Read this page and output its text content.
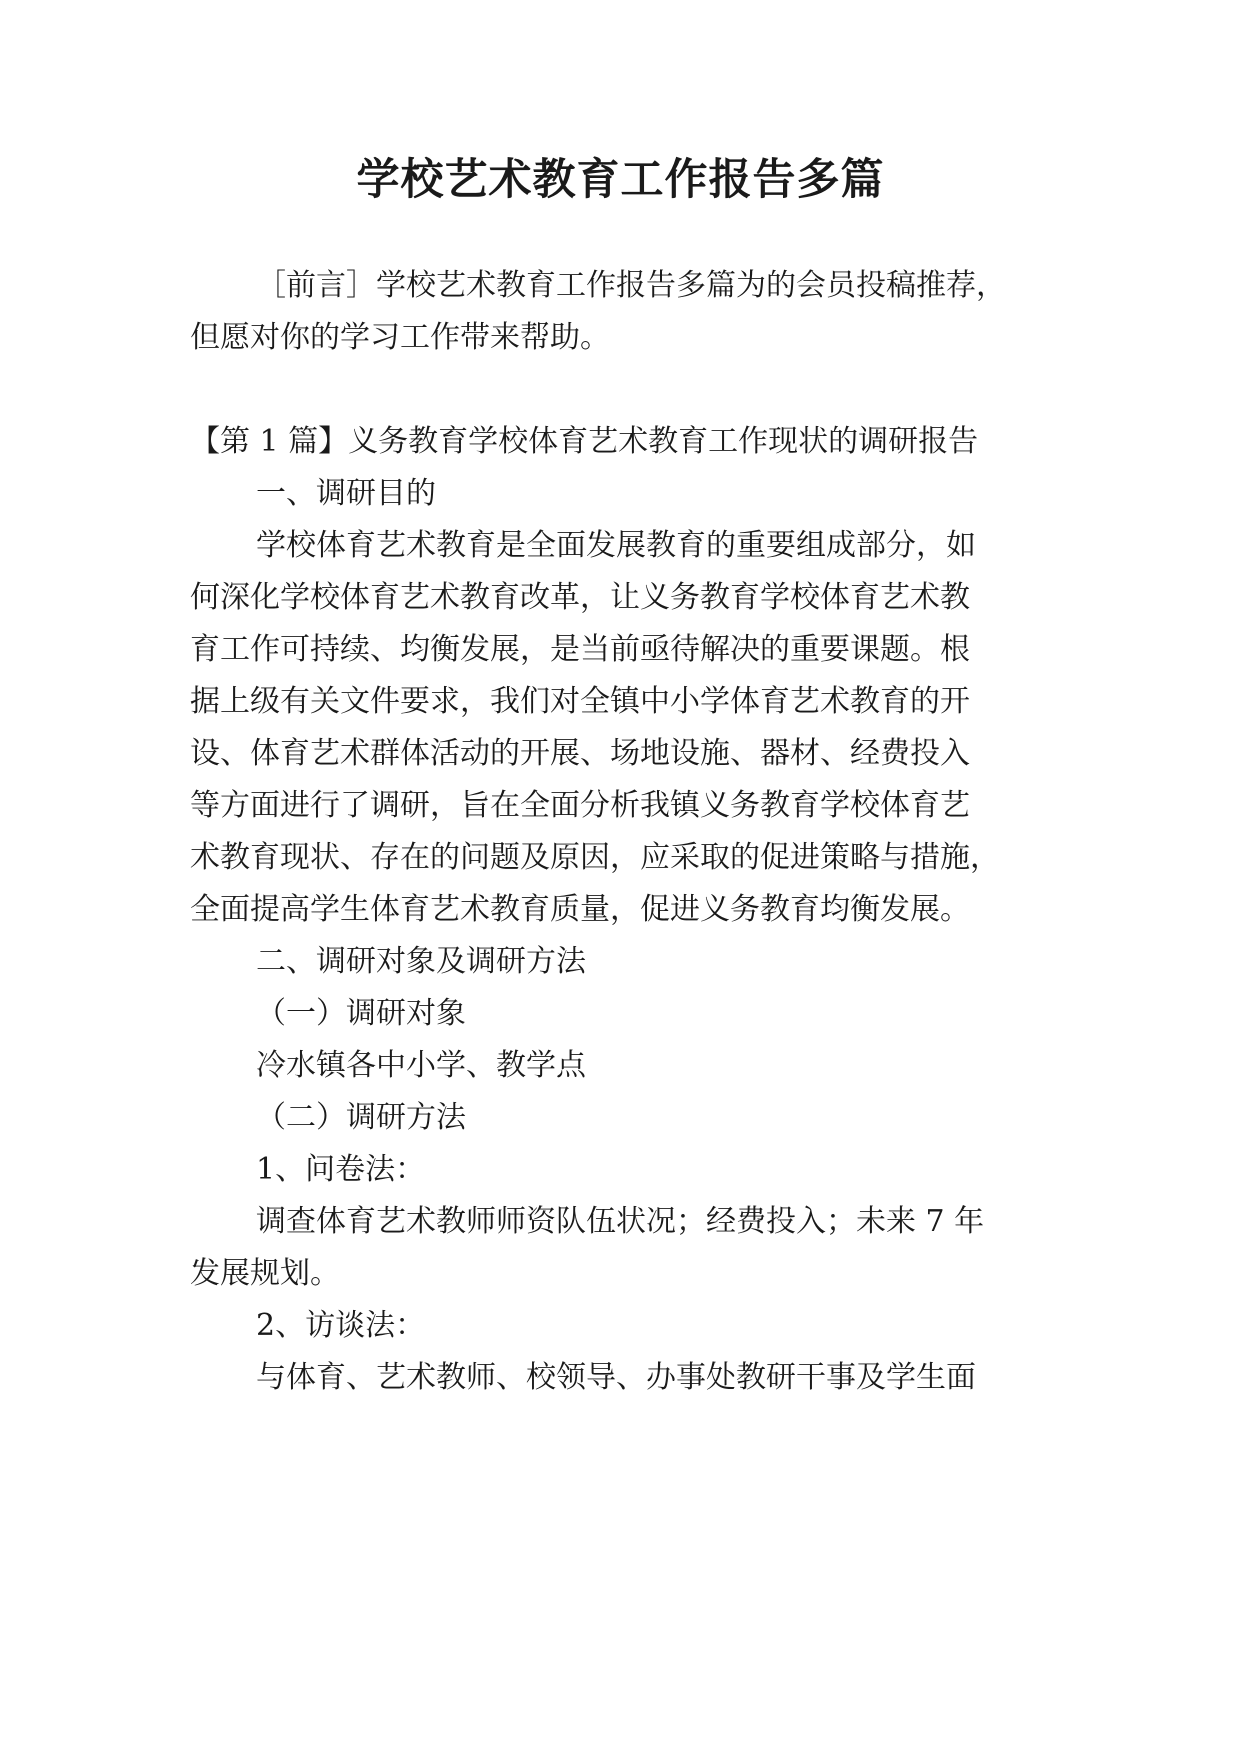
学校艺术教育工作报告多篇

［前言］学校艺术教育工作报告多篇为的会员投稿推荐，

但愿对你的学习工作带来帮助。

【第 1 篇】义务教育学校体育艺术教育工作现状的调研报告

一、调研目的

学校体育艺术教育是全面发展教育的重要组成部分，如

何深化学校体育艺术教育改革，让义务教育学校体育艺术教

育工作可持续、均衡发展，是当前亟待解决的重要课题。根

据上级有关文件要求，我们对全镇中小学体育艺术教育的开

设、体育艺术群体活动的开展、场地设施、器材、经费投入

等方面进行了调研，旨在全面分析我镇义务教育学校体育艺

术教育现状、存在的问题及原因，应采取的促进策略与措施，

全面提高学生体育艺术教育质量，促进义务教育均衡发展。

二、调研对象及调研方法

（一）调研对象

冷水镇各中小学、教学点

（二）调研方法

1、问卷法：

调查体育艺术教师师资队伍状况；经费投入；未来 7 年

发展规划。

2、访谈法：

与体育、艺术教师、校领导、办事处教研干事及学生面
